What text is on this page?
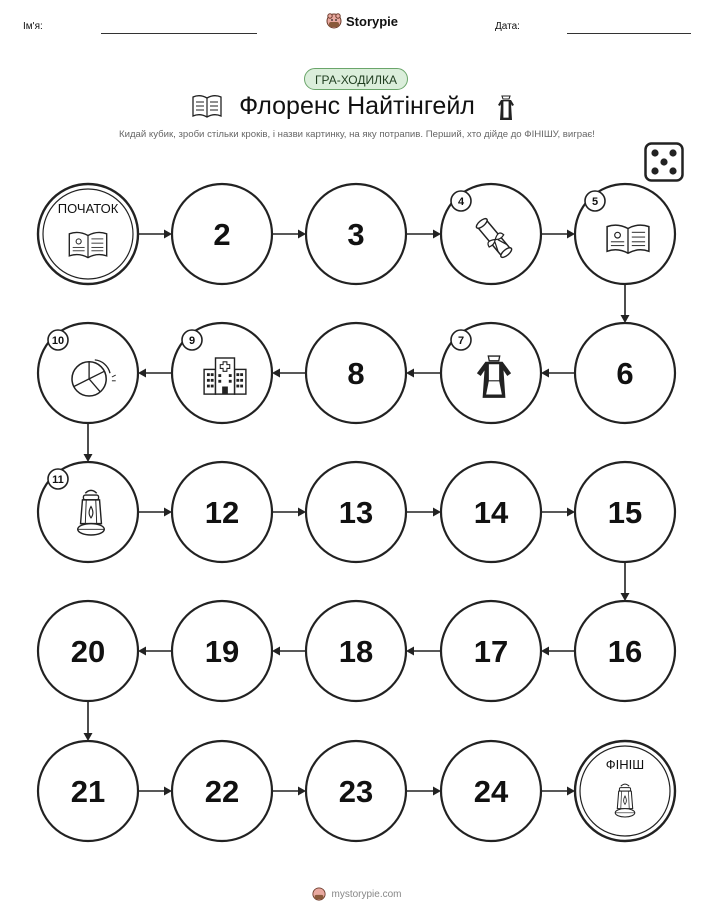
Ім'я:	Storypie	Дата:
ГРА-ХОДИЛКА
Флоренс Найтінгейл
Кидай кубик, зроби стільки кроків, і назви картинку, на яку потрапив. Перший, хто дійде до ФІНІШУ, виграє!
ПОЧАТОК
2	3
4	5
6
7
8
9
10
11
12	13	14	15
16
17
18
19
20
21	22	23	24
ФІНІШ
mystorypie.com
